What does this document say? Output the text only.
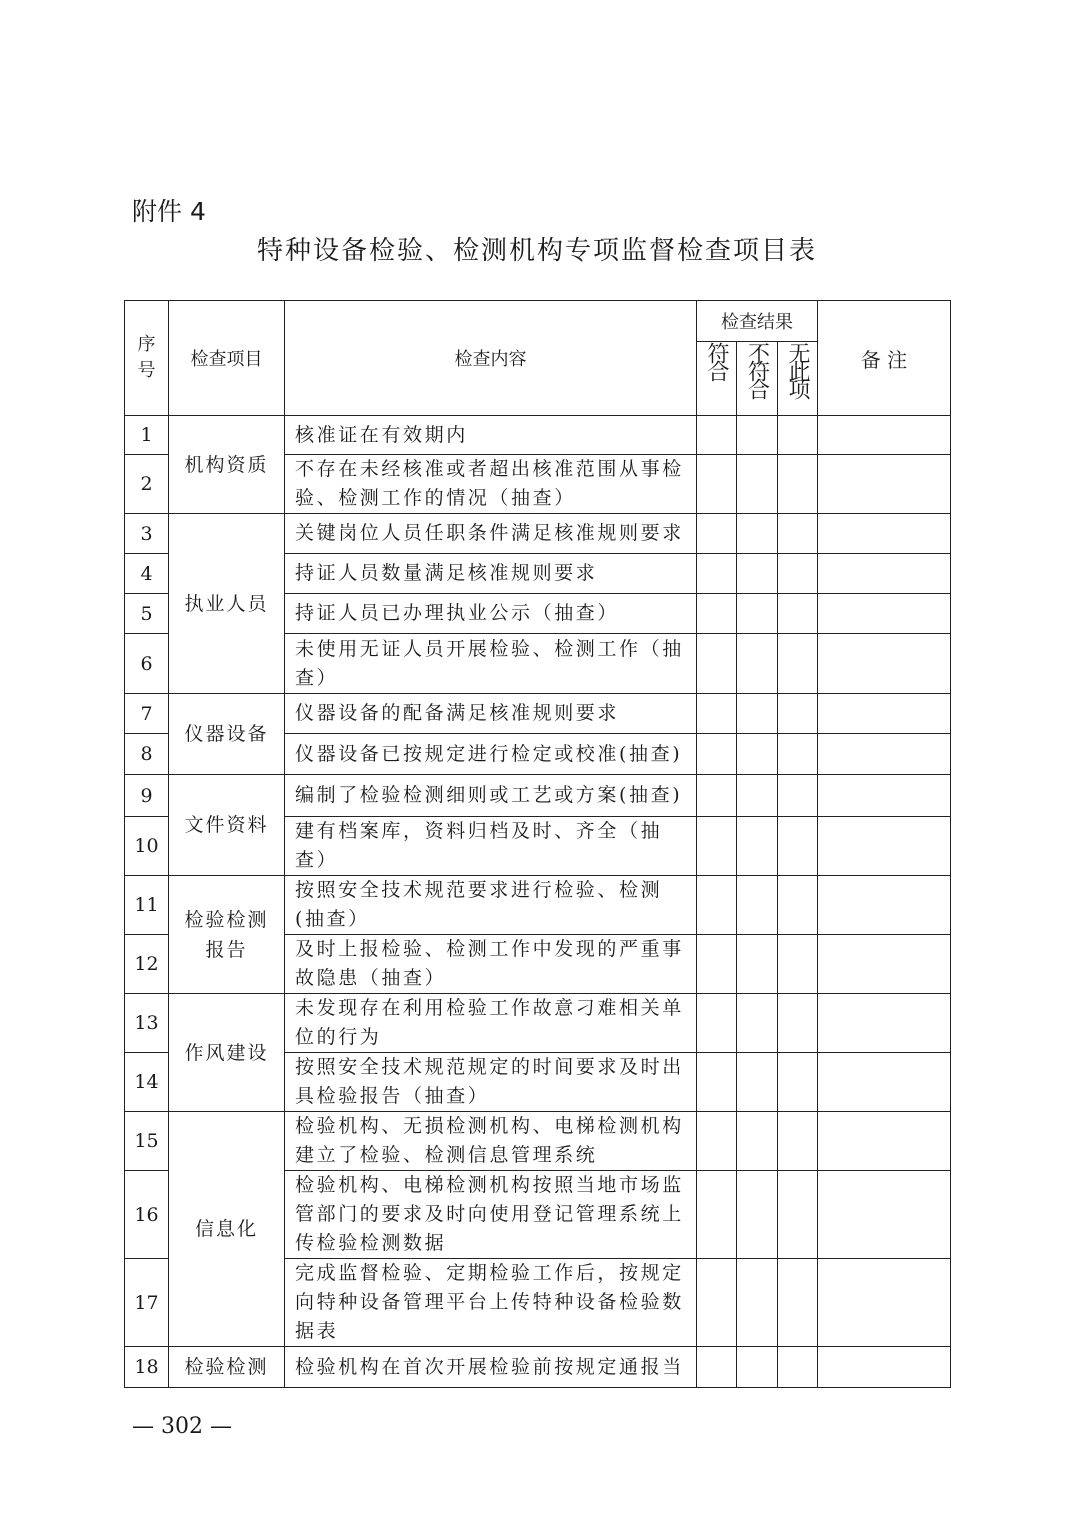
附件 4
特种设备检验、检测机构专项监督检查项目表
序号	检查项目	检查内容	检查结果			备 注
			符合	不符合	无此项	
1	机构资质	核准证在有效期内				
2		不存在未经核准或者超出核准范围从事检验、检测工作的情况（抽查）				
3	执业人员	关键岗位人员任职条件满足核准规则要求				
4		持证人员数量满足核准规则要求				
5		持证人员已办理执业公示（抽查）				
6		未使用无证人员开展检验、检测工作（抽查）				
7	仪器设备	仪器设备的配备满足核准规则要求				
8		仪器设备已按规定进行检定或校准(抽查)				
9	文件资料	编制了检验检测细则或工艺或方案(抽查)				
10		建有档案库，资料归档及时、齐全（抽查）				
11	检验检测报告	按照安全技术规范要求进行检验、检测(抽查）				
12		及时上报检验、检测工作中发现的严重事故隐患（抽查）				
13	作风建设	未发现存在利用检验工作故意刁难相关单位的行为				
14		按照安全技术规范规定的时间要求及时出具检验报告（抽查）				
15	信息化	检验机构、无损检测机构、电梯检测机构建立了检验、检测信息管理系统				
16		检验机构、电梯检测机构按照当地市场监管部门的要求及时向使用登记管理系统上传检验检测数据				
17		完成监督检验、定期检验工作后，按规定向特种设备管理平台上传特种设备检验数据表				
18	检验检测	检验机构在首次开展检验前按规定通报当				
— 302 —
